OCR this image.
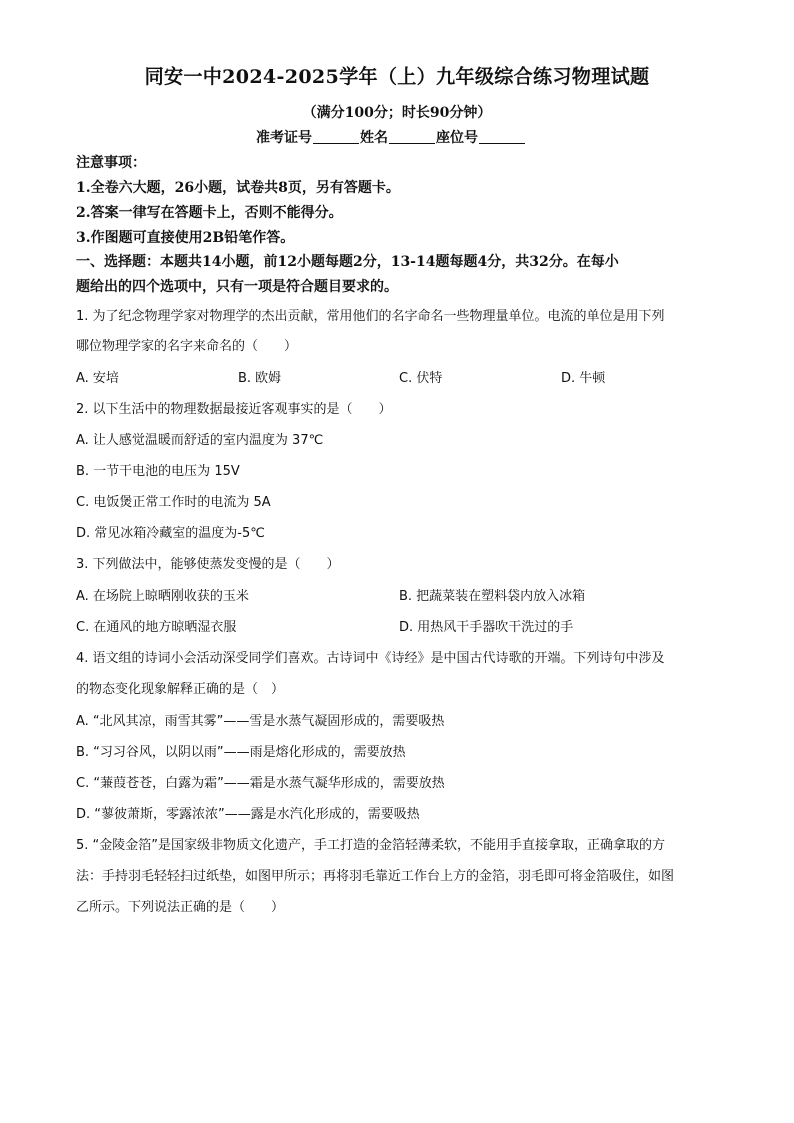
同安一中2024-2025学年（上）九年级综合练习物理试题
（满分100分；时长90分钟）
准考证号	姓名	座位号
注意事项：
1.全卷六大题，26小题，试卷共8页，另有答题卡。
2.答案一律写在答题卡上，否则不能得分。
3.作图题可直接使用2B铅笔作答。
一、选择题：本题共14小题，前12小题每题2分，13-14题每题4分，共32分。在每小
题给出的四个选项中，只有一项是符合题目要求的。
1. 为了纪念物理学家对物理学的杰出贡献，常用他们的名字命名一些物理量单位。电流的单位是用下列
哪位物理学家的名字来命名的（　　）
A. 安培	B. 欧姆	C. 伏特	D. 牛顿
2. 以下生活中的物理数据最接近客观事实的是（　　）
A. 让人感觉温暖而舒适的室内温度为 37℃
B. 一节干电池的电压为 15V
C. 电饭煲正常工作时的电流为 5A
D. 常见冰箱冷藏室的温度为-5℃
3. 下列做法中，能够使蒸发变慢的是（　　）
A. 在场院上晾晒刚收获的玉米	B. 把蔬菜装在塑料袋内放入冰箱
C. 在通风的地方晾晒湿衣服	D. 用热风干手器吹干洗过的手
4. 语文组的诗词小会活动深受同学们喜欢。古诗词中《诗经》是中国古代诗歌的开端。下列诗句中涉及
的物态变化现象解释正确的是（　）
A. “北风其凉，雨雪其雾”——雪是水蒸气凝固形成的，需要吸热
B. “习习谷风，以阴以雨”——雨是熔化形成的，需要放热
C. “蒹葭苍苍，白露为霜”——霜是水蒸气凝华形成的，需要放热
D. “蓼彼萧斯，零露浓浓”——露是水汽化形成的，需要吸热
5. “金陵金箔”是国家级非物质文化遗产，手工打造的金箔轻薄柔软，不能用手直接拿取，正确拿取的方
法：手持羽毛轻轻扫过纸垫，如图甲所示；再将羽毛靠近工作台上方的金箔，羽毛即可将金箔吸住，如图
乙所示。下列说法正确的是（　　）
